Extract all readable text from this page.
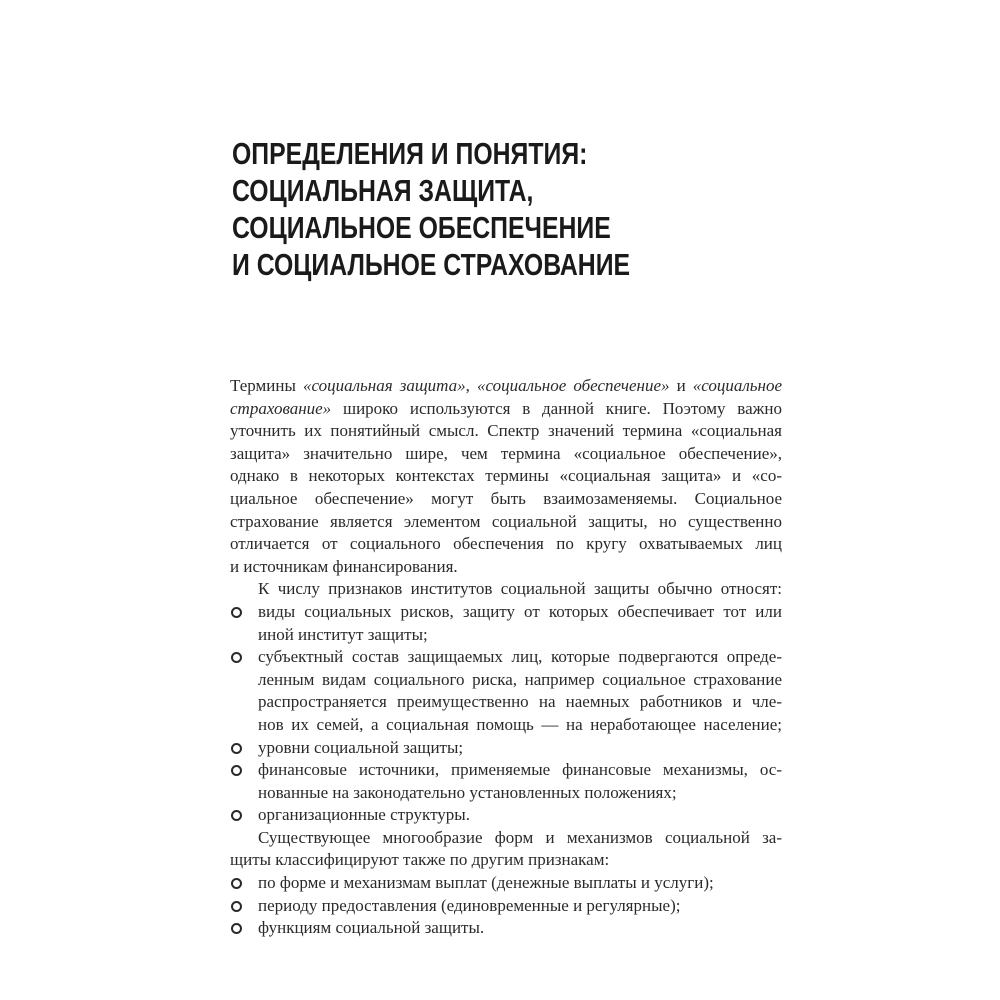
ОПРЕДЕЛЕНИЯ И ПОНЯТИЯ:
СОЦИАЛЬНАЯ ЗАЩИТА,
СОЦИАЛЬНОЕ ОБЕСПЕЧЕНИЕ
И СОЦИАЛЬНОЕ СТРАХОВАНИЕ
Термины «социальная защита», «социальное обеспечение» и «социальное
страхование» широко используются в данной книге. Поэтому важно
уточнить их понятийный смысл. Спектр значений термина «социальная
защита» значительно шире, чем термина «социальное обеспечение»,
однако в некоторых контекстах термины «социальная защита» и «со-
циальное обеспечение» могут быть взаимозаменяемы. Социальное
страхование является элементом социальной защиты, но существенно
отличается от социального обеспечения по кругу охватываемых лиц
и источникам финансирования.
К числу признаков институтов социальной защиты обычно относят:
виды социальных рисков, защиту от которых обеспечивает тот или
иной институт защиты;
субъектный состав защищаемых лиц, которые подвергаются опреде-
ленным видам социального риска, например социальное страхование
распространяется преимущественно на наемных работников и чле-
нов их семей, а социальная помощь — на неработающее население;
уровни социальной защиты;
финансовые источники, применяемые финансовые механизмы, ос-
нованные на законодательно установленных положениях;
организационные структуры.
Существующее многообразие форм и механизмов социальной за-
щиты классифицируют также по другим признакам:
по форме и механизмам выплат (денежные выплаты и услуги);
периоду предоставления (единовременные и регулярные);
функциям социальной защиты.
